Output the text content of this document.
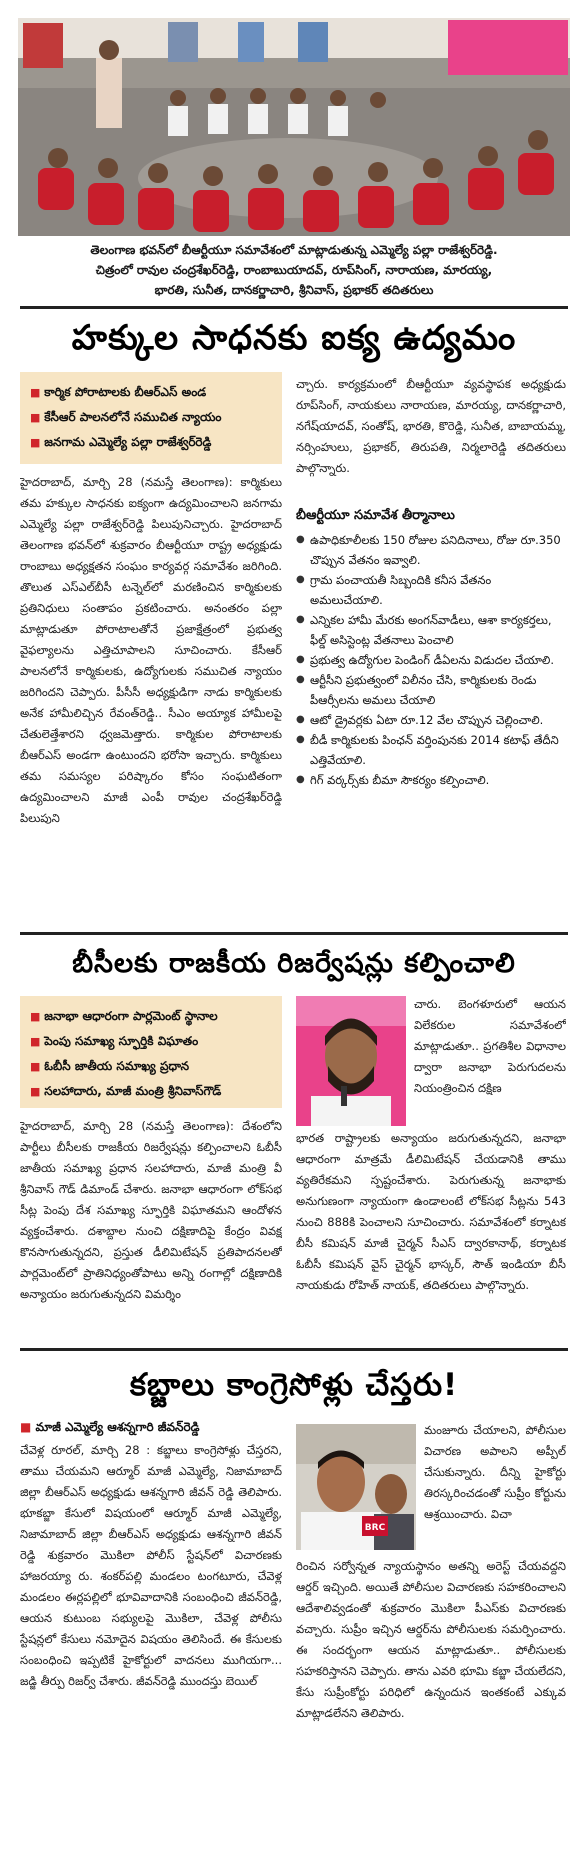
తెలంగాణ భవన్‌లో బీఆర్టీయూ సమావేశంలో మాట్లాడుతున్న ఎమ్మెల్యే పల్లా రాజేశ్వర్‌రెడ్డి.
చిత్రంలో రావుల చంద్రశేఖర్‌రెడ్డి, రాంబాబుయాదవ్, రూప్‌సింగ్, నారాయణ, మారయ్య,
భారతి, సునీత, దానకర్ణాచారి, శ్రీనివాస్, ప్రభాకర్ తదితరులు
హక్కుల సాధనకు ఐక్య ఉద్యమం
■ కార్మిక పోరాటాలకు బీఆర్ఎస్ అండ
■ కేసీఆర్ పాలనలోనే సముచిత న్యాయం
■ జనగామ ఎమ్మెల్యే పల్లా రాజేశ్వర్‌రెడ్డి
హైదరాబాద్, మార్చి 28 (నమస్తే తెలంగాణ): కార్మికులు తమ హక్కుల సాధనకు ఐక్యంగా ఉద్యమించాలని జనగామ ఎమ్మెల్యే పల్లా రాజేశ్వర్‌రెడ్డి పిలుపునిచ్చారు. హైదరాబాద్ తెలంగాణ భవన్‌లో శుక్రవారం బీఆర్టీయూ రాష్ట్ర అధ్యక్షుడు రాంబాబు అధ్యక్షతన సంఘం కార్యవర్గ సమావేశం జరిగింది. తొలుత ఎస్ఎల్‌బీసీ టన్నెల్‌లో మరణించిన కార్మికులకు ప్రతినిధులు సంతాపం ప్రకటించారు. అనంతరం పల్లా మాట్లాడుతూ పోరాటాలతోనే ప్రజాక్షేత్రంలో ప్రభుత్వ వైఫల్యాలను ఎత్తిచూపాలని సూచించారు. కేసీఆర్ పాలనలోనే కార్మికులకు, ఉద్యోగులకు సముచిత న్యాయం జరిగిందని చెప్పారు. పీసీసీ అధ్యక్షుడిగా నాడు కార్మికులకు అనేక హామీలిచ్చిన రేవంత్‌రెడ్డి.. సీఎం అయ్యాక హామీలపై చేతులెత్తేశారని ధ్వజమెత్తారు. కార్మికుల పోరాటాలకు బీఆర్ఎస్ అండగా ఉంటుందని భరోసా ఇచ్చారు. కార్మికులు తమ సమస్యల పరిష్కారం కోసం సంఘటితంగా ఉద్యమించాలని మాజీ ఎంపీ రావుల చంద్రశేఖర్‌రెడ్డి పిలుపుని
చ్చారు. కార్యక్రమంలో బీఆర్టీయూ వ్యవస్థాపక అధ్యక్షుడు రూప్‌సింగ్, నాయకులు నారాయణ, మారయ్య, దానకర్ణాచారి, నగేష్‌యాదవ్, సంతోష్, భారతి, కొరెడ్డి, సునీత, బాబాయమ్మ, నర్సింహులు, ప్రభాకర్, తిరుపతి, నిర్మలారెడ్డి తదితరులు పాల్గొన్నారు.
బీఆర్టీయూ సమావేశ తీర్మానాలు
● ఉపాధికూలీలకు 150 రోజుల పనిదినాలు, రోజు రూ.350 చొప్పున వేతనం ఇవ్వాలి.
● గ్రామ పంచాయతీ సిబ్బందికి కనీస వేతనం అమలుచేయాలి.
● ఎన్నికల హామీ మేరకు అంగన్‌వాడీలు, ఆశా కార్యకర్తలు, ఫీల్డ్ అసిస్టెంట్ల వేతనాలు పెంచాలి
● ప్రభుత్వ ఉద్యోగుల పెండింగ్ డీఏలను విడుదల చేయాలి.
● ఆర్టీసీని ప్రభుత్వంలో విలీనం చేసి, కార్మికులకు రెండు పీఆర్సీలను అమలు చేయాలి
● ఆటో డ్రైవర్లకు ఏటా రూ.12 వేల చొప్పున చెల్లించాలి.
● బీడీ కార్మికులకు పింఛన్ వర్తింపునకు 2014 కటాఫ్ తేదీని ఎత్తివేయాలి.
● గిగ్ వర్కర్స్‌కు బీమా సౌకర్యం కల్పించాలి.
బీసీలకు రాజకీయ రిజర్వేషన్లు కల్పించాలి
■ జనాభా ఆధారంగా పార్లమెంట్ స్థానాల
■ పెంపు సమాఖ్య స్ఫూర్తికి విఘాతం
■ ఓబీసీ జాతీయ సమాఖ్య ప్రధాన
■ సలహాదారు, మాజీ మంత్రి శ్రీనివాస్‌గౌడ్
హైదరాబాద్, మార్చి 28 (నమస్తే తెలంగాణ): దేశంలోని పార్టీలు బీసీలకు రాజకీయ రిజర్వేషన్లు కల్పించాలని ఓబీసీ జాతీయ సమాఖ్య ప్రధాన సలహాదారు, మాజీ మంత్రి వీ శ్రీనివాస్ గౌడ్ డిమాండ్ చేశారు. జనాభా ఆధారంగా లోక్‌సభ సీట్ల పెంపు దేశ సమాఖ్య స్ఫూర్తికి విఘాతమని ఆందోళన వ్యక్తంచేశారు. దశాబ్దాల నుంచి దక్షిణాదిపై కేంద్రం వివక్ష కొనసాగుతున్నదని, ప్రస్తుత డీలిమిటేషన్ ప్రతిపాదనలతో పార్లమెంట్‌లో ప్రాతినిధ్యంతోపాటు అన్ని రంగాల్లో దక్షిణాదికి అన్యాయం జరుగుతున్నదని విమర్శిం
చారు. బెంగళూరులో ఆయన విలేకరుల సమావేశంలో మాట్లాడుతూ.. ప్రగతిశీల విధానాల ద్వారా జనాభా పెరుగుదలను నియంత్రించిన దక్షిణ
భారత రాష్ట్రాలకు అన్యాయం జరుగుతున్నదని, జనాభా ఆధారంగా మాత్రమే డీలిమిటేషన్ చేయడానికి తాము వ్యతిరేకమని స్పష్టంచేశారు. పెరుగుతున్న జనాభాకు అనుగుణంగా న్యాయంగా ఉండాలంటే లోక్‌సభ సీట్లను 543 నుంచి 888కి పెంచాలని సూచించారు. సమావేశంలో కర్నాటక బీసీ కమిషన్ మాజీ చైర్మన్ సీఎస్ ద్వారకానాథ్, కర్నాటక ఓబీసీ కమిషన్ వైస్ చైర్మన్ భాస్కర్, సౌత్ ఇండియా బీసీ నాయకుడు రోహిత్ నాయక్, తదితరులు పాల్గొన్నారు.
కబ్జాలు కాంగ్రెసోళ్లు చేస్తరు!
■ మాజీ ఎమ్మెల్యే ఆశన్నగారి జీవన్‌రెడ్డి
చేవెళ్ల రూరల్, మార్చి 28 : కబ్జాలు కాంగ్రెసోళ్లు చేస్తరని, తాము చేయమని ఆర్మూర్ మాజీ ఎమ్మెల్యే, నిజామాబాద్ జిల్లా బీఆర్ఎస్ అధ్యక్షుడు ఆశన్నగారి జీవన్ రెడ్డి తెలిపారు. భూకబ్జా కేసులో విషయంలో ఆర్మూర్ మాజీ ఎమ్మెల్యే, నిజామాబాద్ జిల్లా బీఆర్ఎస్ అధ్యక్షుడు ఆశన్నగారి జీవన్ రెడ్డి శుక్రవారం మొకిలా పోలీస్ స్టేషన్‌లో విచారణకు హాజరయ్యా రు. శంకర్‌పల్లి మండలం టంగటూరు, చేవెళ్ల మండలం ఈర్లపల్లిలో భూవివాదానికి సంబంధించి జీవన్‌రెడ్డి, ఆయన కుటుంబ సభ్యులపై మొకిలా, చేవెళ్ల పోలీసు స్టేషన్లలో కేసులు నమోదైన విషయం తెలిసిందే. ఈ కేసులకు సంబంధించి ఇప్పటికే హైకోర్టులో వాదనలు ముగియగా... జడ్జి తీర్పు రిజర్వ్ చేశారు. జీవన్‌రెడ్డి ముందస్తు బెయిల్
BRC
మంజూరు చేయాలని, పోలీసుల విచారణ అపాలని అప్పీల్ చేసుకున్నారు. దీన్ని హైకోర్టు తిరస్కరించడంతో సుప్రీం కోర్టును ఆశ్రయించారు. విచా
రించిన సర్వోన్నత న్యాయస్థానం అతన్ని అరెస్ట్ చేయవద్దని ఆర్డర్ ఇచ్చింది. అయితే పోలీసుల విచారణకు సహకరించాలని ఆదేశాలివ్వడంతో శుక్రవారం మొకిలా పీఎస్‌కు విచారణకు వచ్చారు. సుప్రీం ఇచ్చిన ఆర్డర్‌ను పోలీసులకు సమర్పించారు. ఈ సందర్భంగా ఆయన మాట్లాడుతూ.. పోలీసులకు సహకరిస్తానని చెప్పారు. తాను ఎవరి భూమి కబ్జా చేయలేదని, కేసు సుప్రీంకోర్టు పరిధిలో ఉన్నందున ఇంతకంటే ఎక్కువ మాట్లాడలేనని తెలిపారు.
